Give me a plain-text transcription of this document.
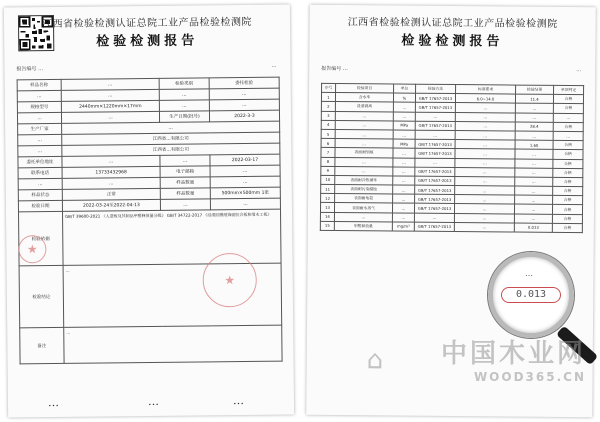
江西省检验检测认证总院工业产品检验检测院
检验检测报告
报告编号 …
…
样品名称	…	检验类别	委托检验
…	…	…	…
规格型号	2440mm×1220mm×17mm	…	…
…	…	生产日期(批号)	2022-3-3
生产厂家	…		
…	江西省…有限公司		
…	江西省…有限公司		
委托单位地址	…	…	2022-03-17
联系电话	13733432968	电子邮箱	…
…	…	样品数量	…
样品状态	正常	样品数量	500mm×500mm 1张
检验日期	2022-03-24至2022-04-13	…	…
检验依据	GB/T 39600-2021 《人造板及其制品甲醛释放量分级》 GB/T 34722-2017 《浸渍胶膜纸饰面胶合板和细木工板》		
检验结论	…		
备注	…		
★
★
…	…	…
江西省检验检测认证总院工业产品检验检测院
检验检测报告
报告编号 …	…
序号	检验项目	单位	检验方法	标准要求	检验结果	单项判定
1	含水率	%	GB/T 17657-2013	6.0~14.0	11.4	合格
2	浸渍剥离	…	GB/T 17657-2013	…	…	合格
3	…	…	…	…	…	…
4	…	MPa	GB/T 17657-2013	…	28.4	合格
5	…	…	…	…	…	…
6	…	MPa	GB/T 17657-2013	…	1.60	合格
7	表面耐划痕	…	GB/T 17657-2013	…	…	合格
8	…	…	…	…	…	合格
9	…	…	GB/T 17657-2013	…	…	合格
10	表面耐冷热循环	…	GB/T 17657-2013	…	…	合格
11	表面耐污染腐蚀	…	GB/T 17657-2013	…	…	合格
12	表面耐龟裂	…	GB/T 17657-2013	…	…	合格
13	表面耐水蒸气	…	GB/T 17657-2013	…	…	合格
14	…	…	…	…	…	合格
15	甲醛释放量	mg/m³	GB/T 17657-2013	…	0.013	合格
⌂
…
0.013
中国木业网
WOOD365.CN
